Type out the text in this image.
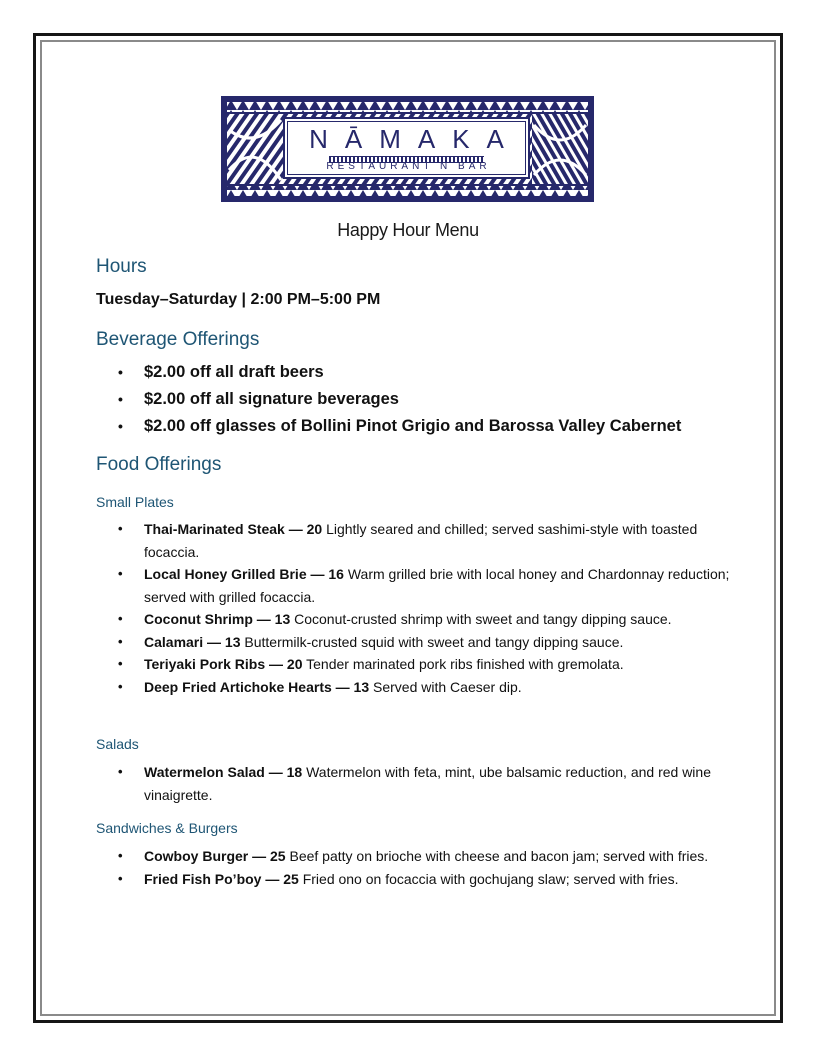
NĀMAKA
RESTAURANT N BAR
Happy Hour Menu
Hours
Tuesday–Saturday | 2:00 PM–5:00 PM
Beverage Offerings
• $2.00 off all draft beers
• $2.00 off all signature beverages
• $2.00 off glasses of Bollini Pinot Grigio and Barossa Valley Cabernet
Food Offerings
Small Plates
• Thai-Marinated Steak — 20 Lightly seared and chilled; served sashimi-style with toasted focaccia.
• Local Honey Grilled Brie — 16 Warm grilled brie with local honey and Chardonnay reduction; served with grilled focaccia.
• Coconut Shrimp — 13 Coconut-crusted shrimp with sweet and tangy dipping sauce.
• Calamari — 13 Buttermilk-crusted squid with sweet and tangy dipping sauce.
• Teriyaki Pork Ribs — 20 Tender marinated pork ribs finished with gremolata.
• Deep Fried Artichoke Hearts — 13 Served with Caeser dip.
Salads
• Watermelon Salad — 18 Watermelon with feta, mint, ube balsamic reduction, and red wine vinaigrette.
Sandwiches & Burgers
• Cowboy Burger — 25 Beef patty on brioche with cheese and bacon jam; served with fries.
• Fried Fish Po’boy — 25 Fried ono on focaccia with gochujang slaw; served with fries.
